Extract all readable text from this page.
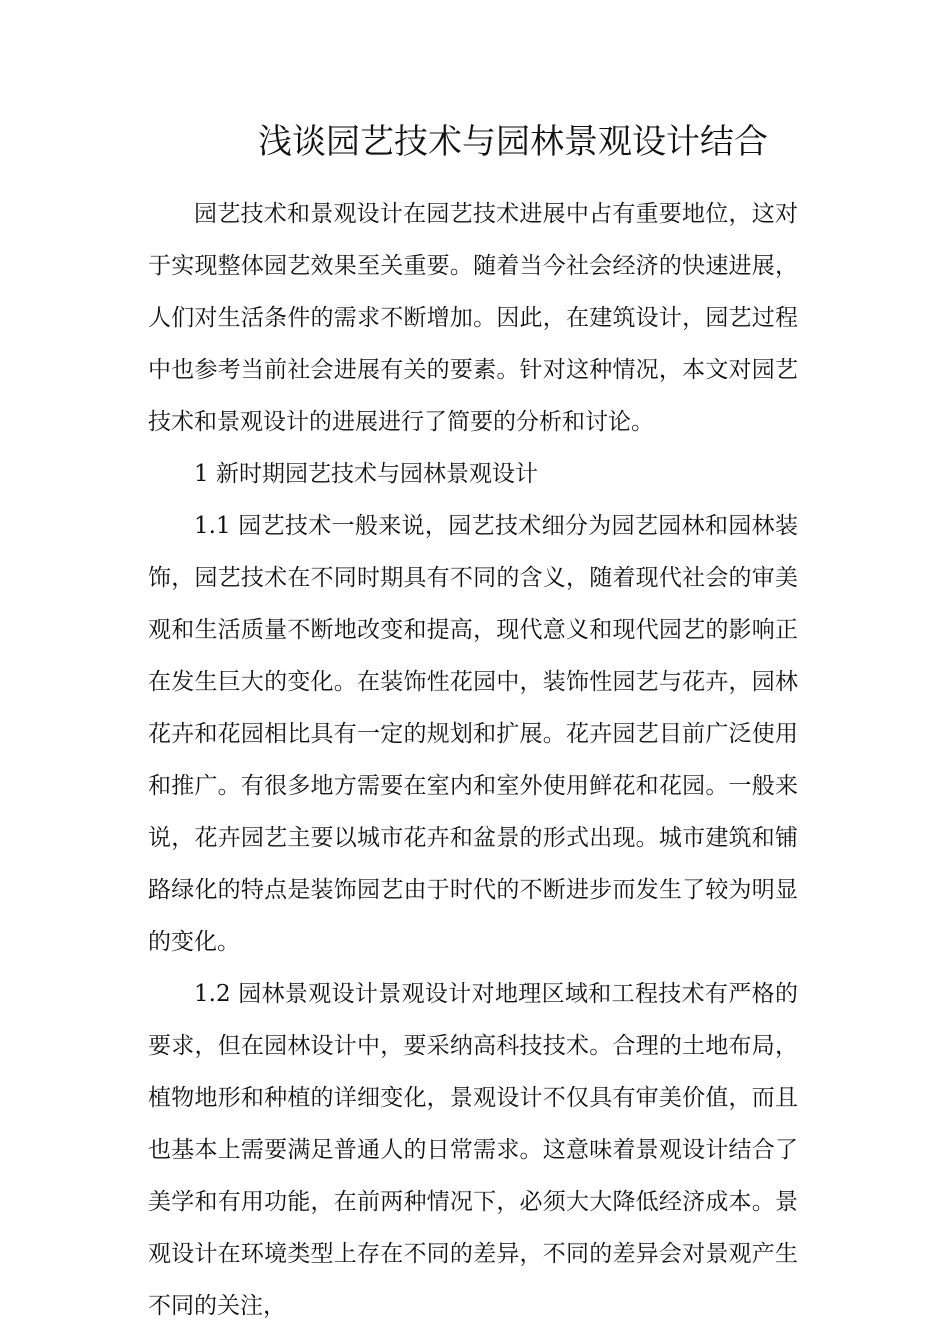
浅谈园艺技术与园林景观设计结合

园艺技术和景观设计在园艺技术进展中占有重要地位，这对于实现整体园艺效果至关重要。随着当今社会经济的快速进展，人们对生活条件的需求不断增加。因此，在建筑设计，园艺过程中也参考当前社会进展有关的要素。针对这种情况，本文对园艺技术和景观设计的进展进行了简要的分析和讨论。

1 新时期园艺技术与园林景观设计

1.1 园艺技术一般来说，园艺技术细分为园艺园林和园林装饰，园艺技术在不同时期具有不同的含义，随着现代社会的审美观和生活质量不断地改变和提高，现代意义和现代园艺的影响正在发生巨大的变化。在装饰性花园中，装饰性园艺与花卉，园林花卉和花园相比具有一定的规划和扩展。花卉园艺目前广泛使用和推广。有很多地方需要在室内和室外使用鲜花和花园。一般来说，花卉园艺主要以城市花卉和盆景的形式出现。城市建筑和铺路绿化的特点是装饰园艺由于时代的不断进步而发生了较为明显的变化。

1.2 园林景观设计景观设计对地理区域和工程技术有严格的要求，但在园林设计中，要采纳高科技技术。合理的土地布局，植物地形和种植的详细变化，景观设计不仅具有审美价值，而且也基本上需要满足普通人的日常需求。这意味着景观设计结合了美学和有用功能，在前两种情况下，必须大大降低经济成本。景观设计在环境类型上存在不同的差异，不同的差异会对景观产生不同的关注，
